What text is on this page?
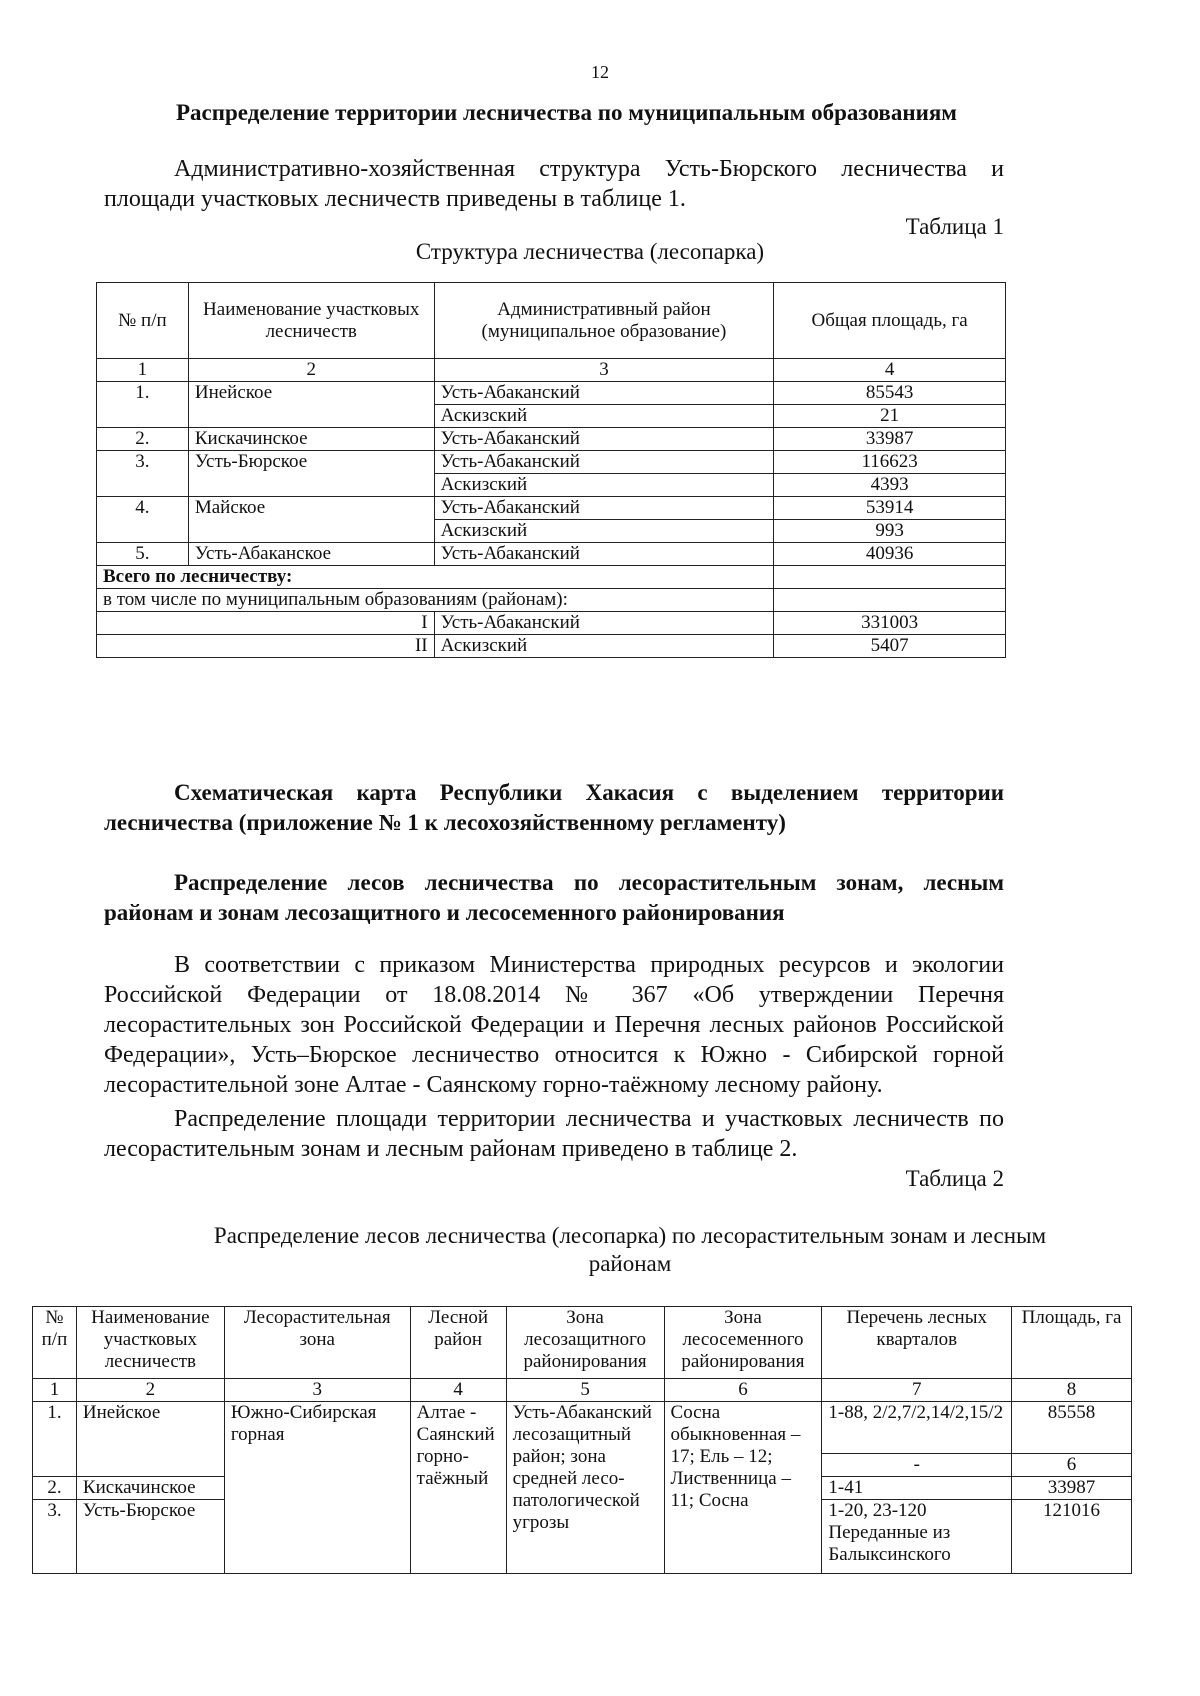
12
Распределение территории лесничества по муниципальным образованиям
Административно-хозяйственная структура Усть-Бюрского лесничества и площади участковых лесничеств приведены в таблице 1.
Таблица 1
Структура лесничества (лесопарка)
№ п/п	Наименование участковых лесничеств	Административный район (муниципальное образование)	Общая площадь, га
1	2	3	4
1.	Инейское	Усть-Абаканский	85543
		Аскизский	21
2.	Кискачинское	Усть-Абаканский	33987
3.	Усть-Бюрское	Усть-Абаканский	116623
		Аскизский	4393
4.	Майское	Усть-Абаканский	53914
		Аскизский	993
5.	Усть-Абаканское	Усть-Абаканский	40936
Всего по лесничеству:			
в том числе по муниципальным образованиям (районам):			
I		Усть-Абаканский	331003
II		Аскизский	5407
Схематическая карта Республики Хакасия с выделением территории лесничества (приложение № 1 к лесохозяйственному регламенту)
Распределение лесов лесничества по лесорастительным зонам, лесным районам и зонам лесозащитного и лесосеменного районирования
В соответствии с приказом Министерства природных ресурсов и экологии Российской Федерации от 18.08.2014 № 367 «Об утверждении Перечня лесорастительных зон Российской Федерации и Перечня лесных районов Российской Федерации», Усть–Бюрское лесничество относится к Южно - Сибирской горной лесорастительной зоне Алтае - Саянскому горно-таёжному лесному району.
Распределение площади территории лесничества и участковых лесничеств по лесорастительным зонам и лесным районам приведено в таблице 2.
Таблица 2
Распределение лесов лесничества (лесопарка) по лесорастительным зонам и лесным районам
№ п/п	Наименование участковых лесничеств	Лесорастительная зона	Лесной район	Зона лесозащитного районирования	Зона лесосеменного районирования	Перечень лесных кварталов	Площадь, га
1	2	3	4	5	6	7	8
1.	Инейское	Южно-Сибирская горная	Алтае - Саянский горно-таёжный	Усть-Абаканский лесозащитный район; зона средней лесо-патологической угрозы	Сосна обыкновенная – 17; Ель – 12; Лиственница – 11; Сосна	1-88, 2/2,7/2,14/2,15/2	85558
						-	6
2.	Кискачинское					1-41	33987
3.	Усть-Бюрское					1-20, 23-120 Переданные из Балыксинского	121016
